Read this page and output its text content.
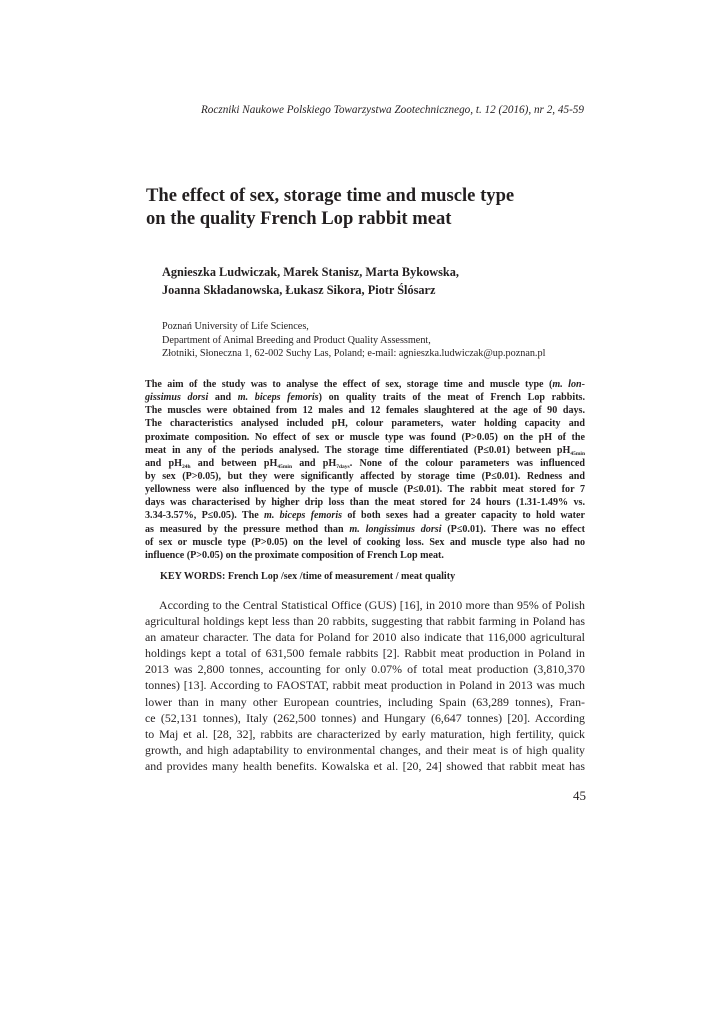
Roczniki Naukowe Polskiego Towarzystwa Zootechnicznego, t. 12 (2016), nr 2, 45-59
The effect of sex, storage time and muscle type
on the quality French Lop rabbit meat
Agnieszka Ludwiczak, Marek Stanisz, Marta Bykowska,
Joanna Składanowska, Łukasz Sikora, Piotr Ślósarz
Poznań University of Life Sciences,
Department of Animal Breeding and Product Quality Assessment,
Złotniki, Słoneczna 1, 62-002 Suchy Las, Poland; e-mail: agnieszka.ludwiczak@up.poznan.pl
The aim of the study was to analyse the effect of sex, storage time and muscle type (m. lon-
gissimus dorsi and m. biceps femoris) on quality traits of the meat of French Lop rabbits.
The muscles were obtained from 12 males and 12 females slaughtered at the age of 90 days.
The characteristics analysed included pH, colour parameters, water holding capacity and
proximate composition. No effect of sex or muscle type was found (P>0.05) on the pH of the
meat in any of the periods analysed. The storage time differentiated (P≤0.01) between $pH_{45min}$
and $pH_{24h}$ and between $pH_{45min}$ and $pH_{7days}$. None of the colour parameters was influenced
by sex (P>0.05), but they were significantly affected by storage time (P≤0.01). Redness and
yellowness were also influenced by the type of muscle (P≤0.01). The rabbit meat stored for 7
days was characterised by higher drip loss than the meat stored for 24 hours (1.31-1.49% vs.
3.34-3.57%, P≤0.05). The m. biceps femoris of both sexes had a greater capacity to hold water
as measured by the pressure method than m. longissimus dorsi (P≤0.01). There was no effect
of sex or muscle type (P>0.05) on the level of cooking loss. Sex and muscle type also had no
influence (P>0.05) on the proximate composition of French Lop meat.
KEY WORDS: French Lop /sex /time of measurement / meat quality
According to the Central Statistical Office (GUS) [16], in 2010 more than 95% of Polish
agricultural holdings kept less than 20 rabbits, suggesting that rabbit farming in Poland has
an amateur character. The data for Poland for 2010 also indicate that 116,000 agricultural
holdings kept a total of 631,500 female rabbits [2]. Rabbit meat production in Poland in
2013 was 2,800 tonnes, accounting for only 0.07% of total meat production (3,810,370
tonnes) [13]. According to FAOSTAT, rabbit meat production in Poland in 2013 was much
lower than in many other European countries, including Spain (63,289 tonnes), Fran-
ce (52,131 tonnes), Italy (262,500 tonnes) and Hungary (6,647 tonnes) [20]. According
to Maj et al. [28, 32], rabbits are characterized by early maturation, high fertility, quick
growth, and high adaptability to environmental changes, and their meat is of high quality
and provides many health benefits. Kowalska et al. [20, 24] showed that rabbit meat has
45
